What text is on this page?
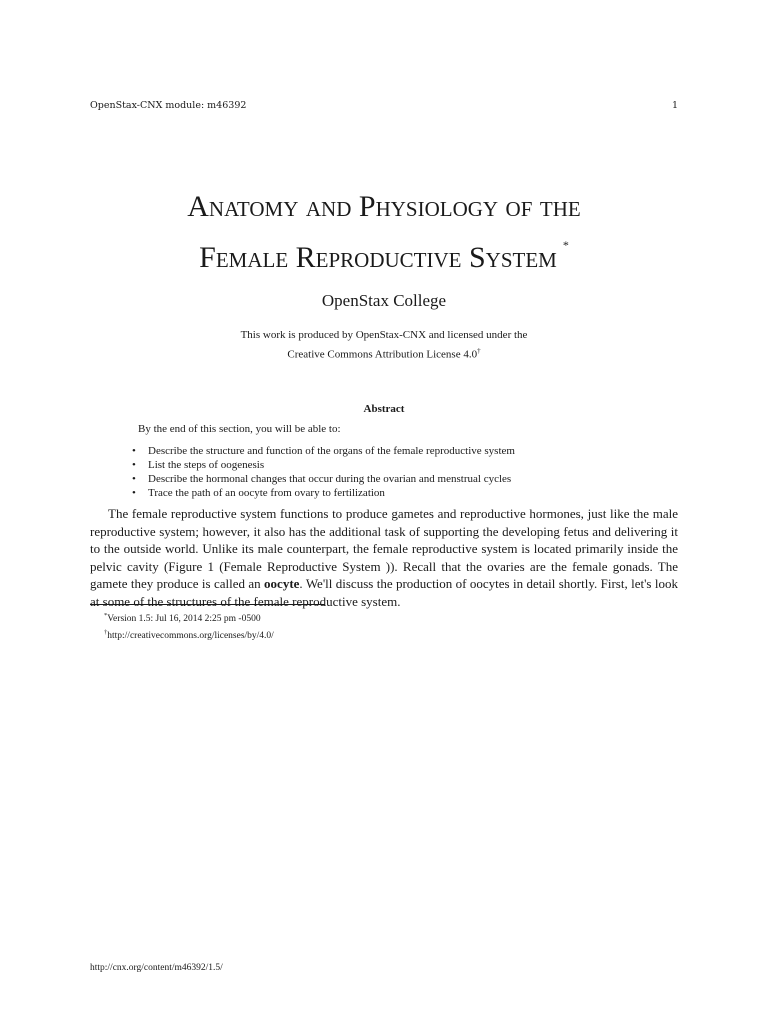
OpenStax-CNX module: m46392	1
Anatomy and Physiology of the
Female Reproductive System *
OpenStax College
This work is produced by OpenStax-CNX and licensed under the
Creative Commons Attribution License 4.0†
Abstract
By the end of this section, you will be able to:
• Describe the structure and function of the organs of the female reproductive system
• List the steps of oogenesis
• Describe the hormonal changes that occur during the ovarian and menstrual cycles
• Trace the path of an oocyte from ovary to fertilization

The female reproductive system functions to produce gametes and reproductive hormones, just like the male reproductive system; however, it also has the additional task of supporting the developing fetus and delivering it to the outside world. Unlike its male counterpart, the female reproductive system is located primarily inside the pelvic cavity (Figure 1 (Female Reproductive System )). Recall that the ovaries are the female gonads. The gamete they produce is called an oocyte. We'll discuss the production of oocytes in detail shortly. First, let's look at some of the structures of the female reproductive system.

*Version 1.5: Jul 16, 2014 2:25 pm -0500
†http://creativecommons.org/licenses/by/4.0/
http://cnx.org/content/m46392/1.5/
